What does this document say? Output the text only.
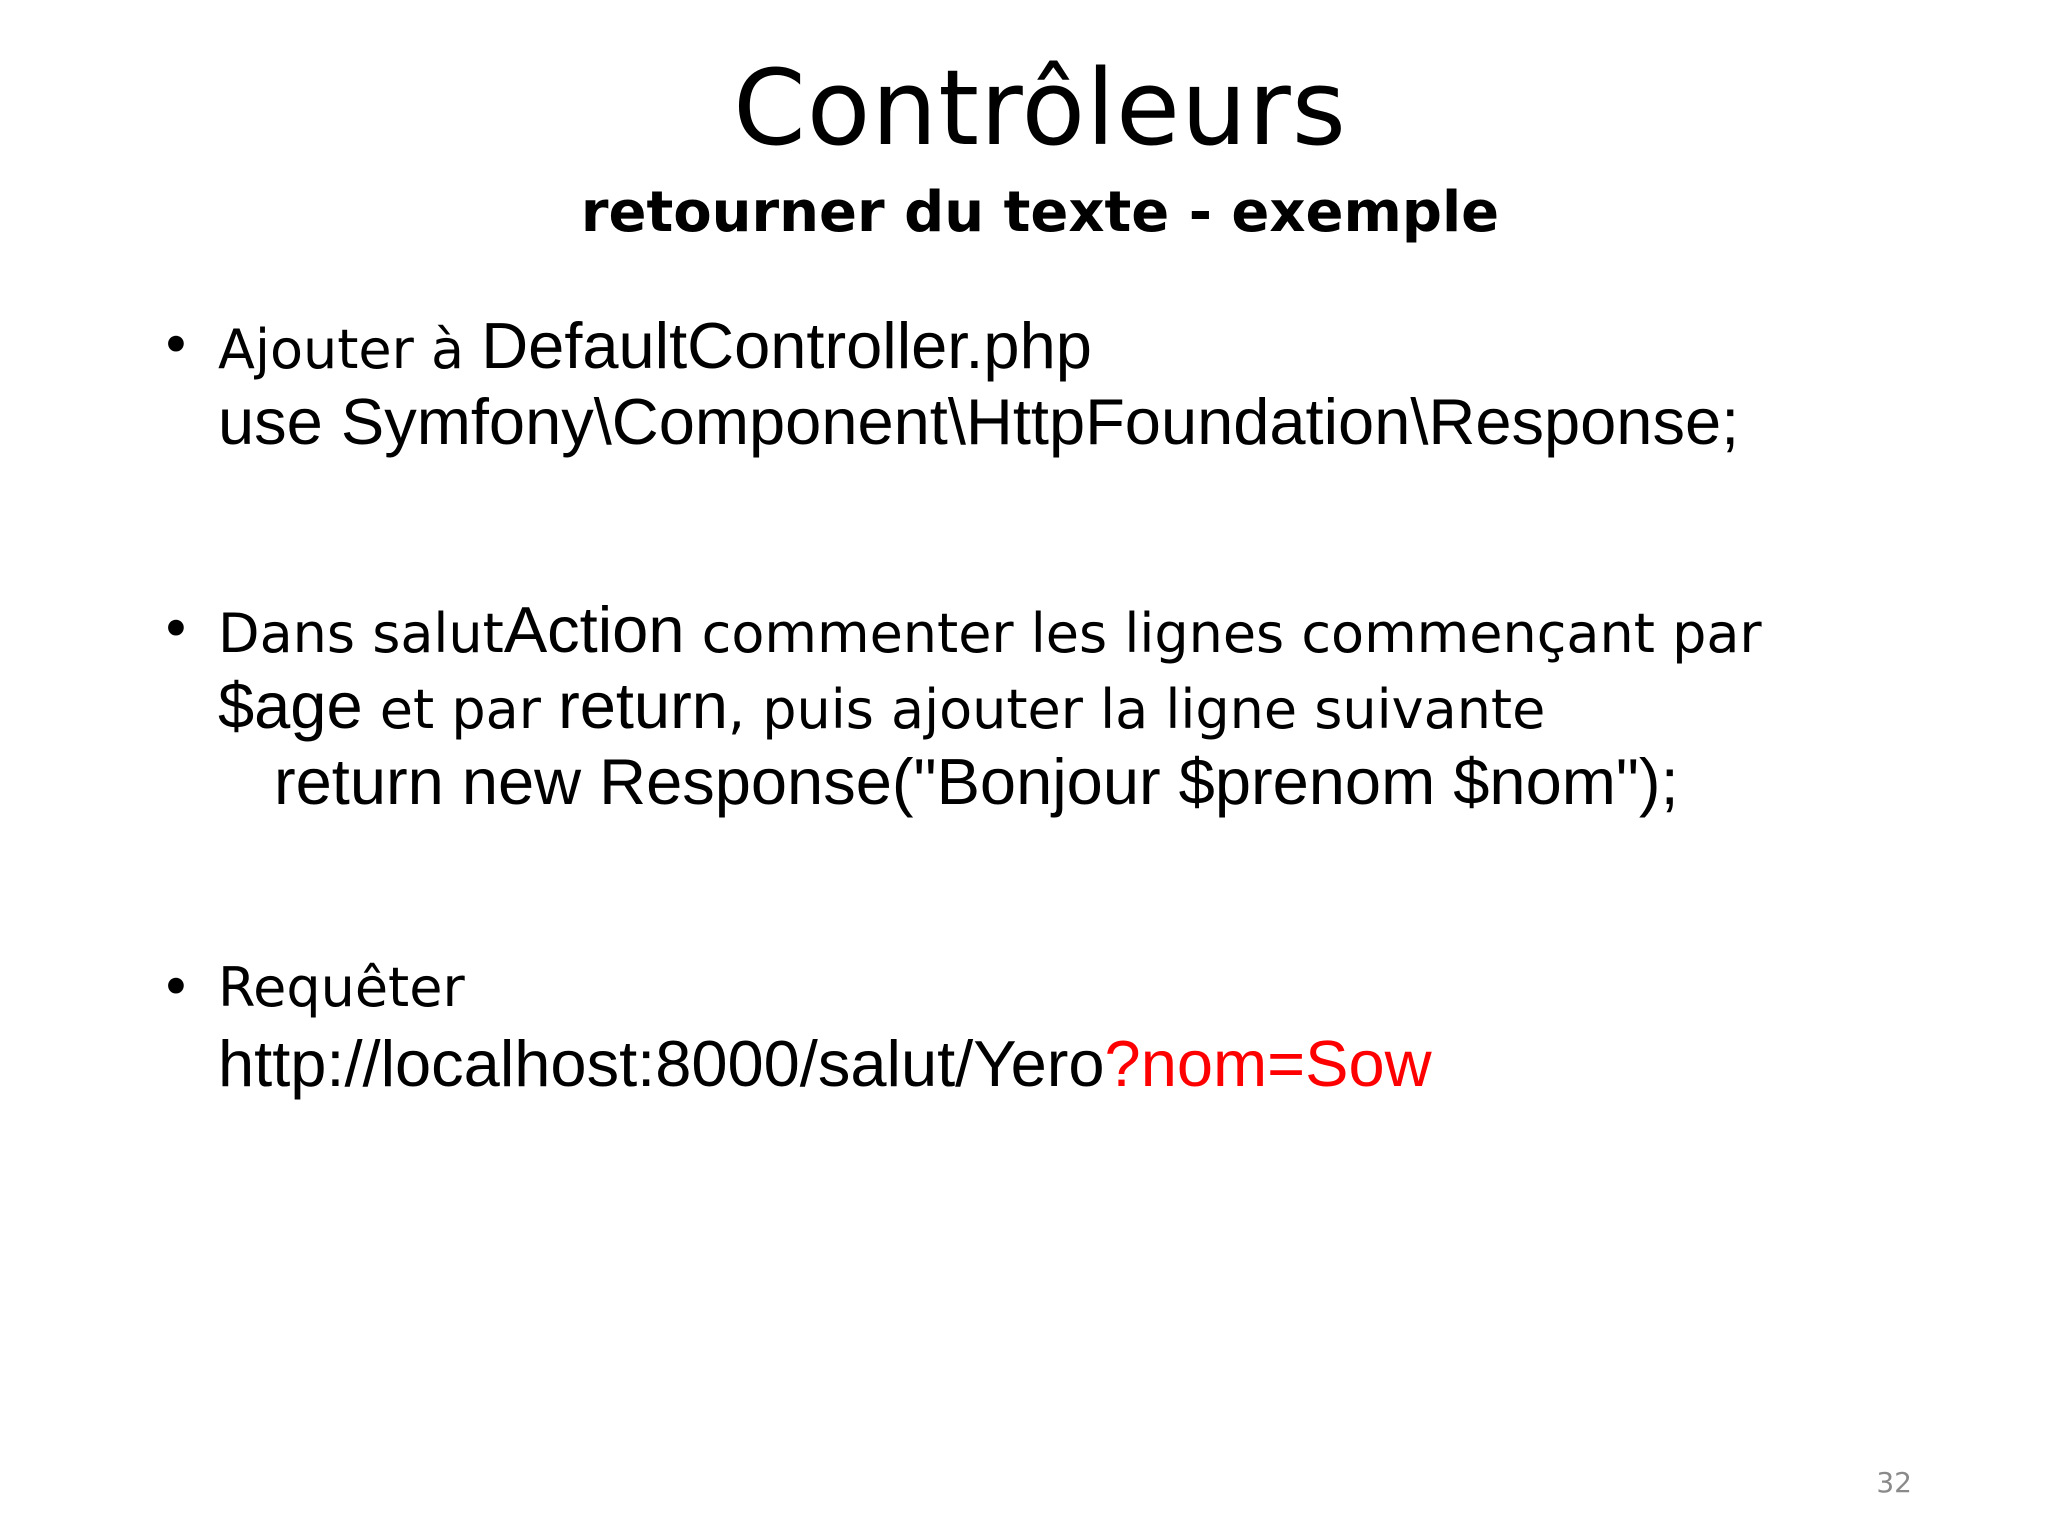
Contrôleurs
retourner du texte - exemple
• Ajouter à DefaultController.php
use Symfony\Component\HttpFoundation\Response;
• Dans salutAction commenter les lignes commençant par
$age et par return, puis ajouter la ligne suivante
return new Response("Bonjour $prenom $nom");
• Requêter
http://localhost:8000/salut/Yero?nom=Sow
32
